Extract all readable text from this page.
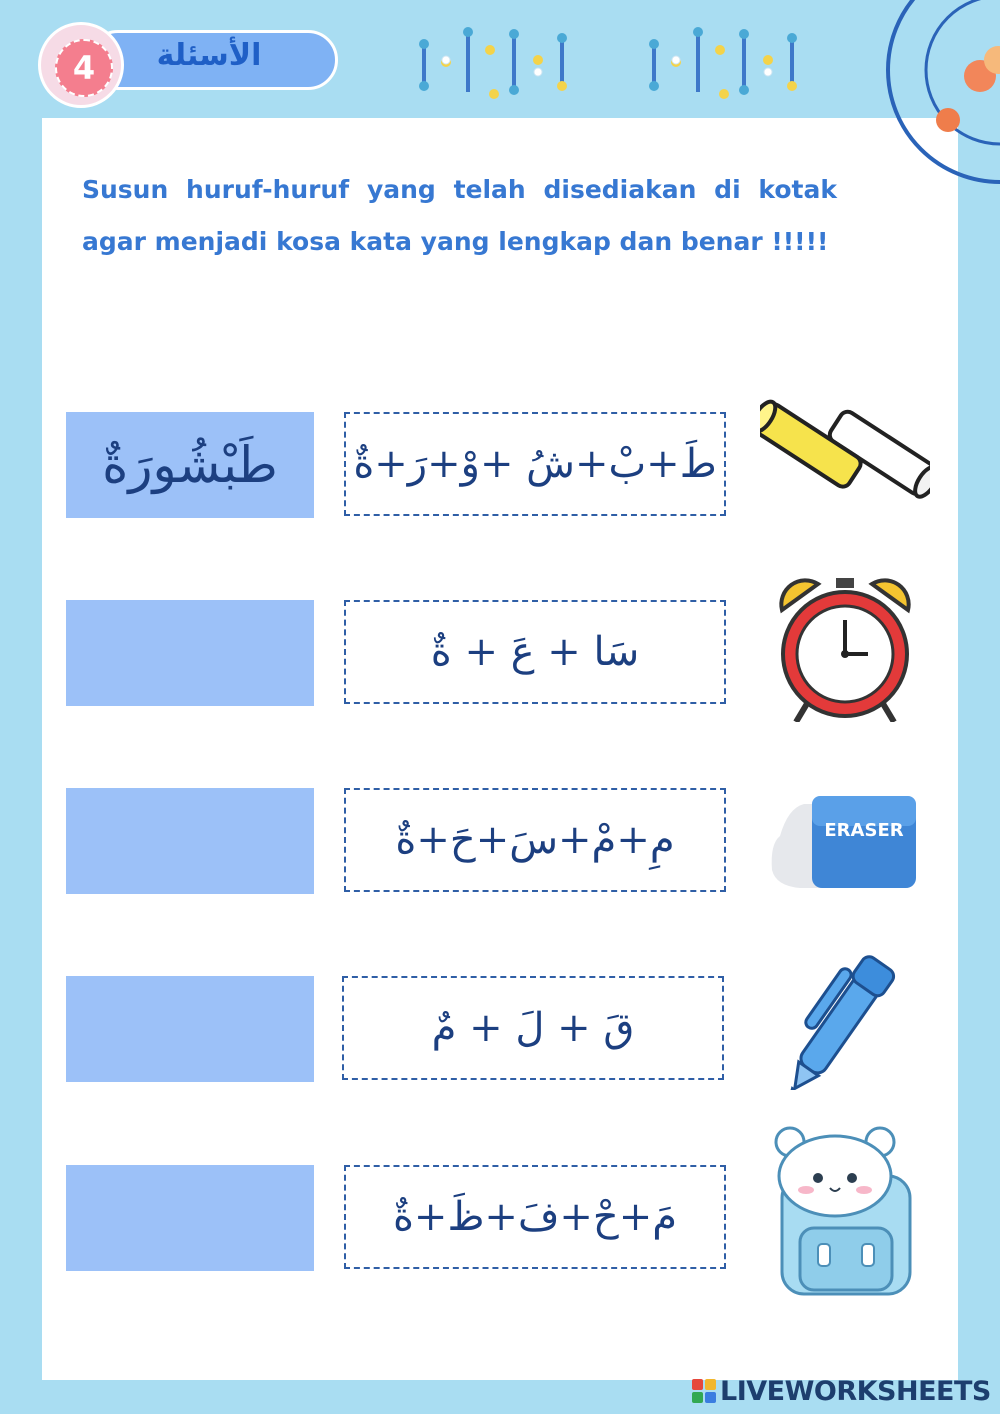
الأسئلة
4
Susun huruf-huruf yang telah disediakan di kotak agar menjadi kosa kata yang lengkap dan benar !!!!!
طَبْشُورَةٌ	طَ+بْ+شُ +وْ+رَ+ةٌ
سَا + عَ + ةٌ
مِ+مْ+سَ+حَ+ةٌ	ERASER
قَ + لَ + مٌ
مَ+حْ+فَ+ظَ+ةٌ
LIVEWORKSHEETS
